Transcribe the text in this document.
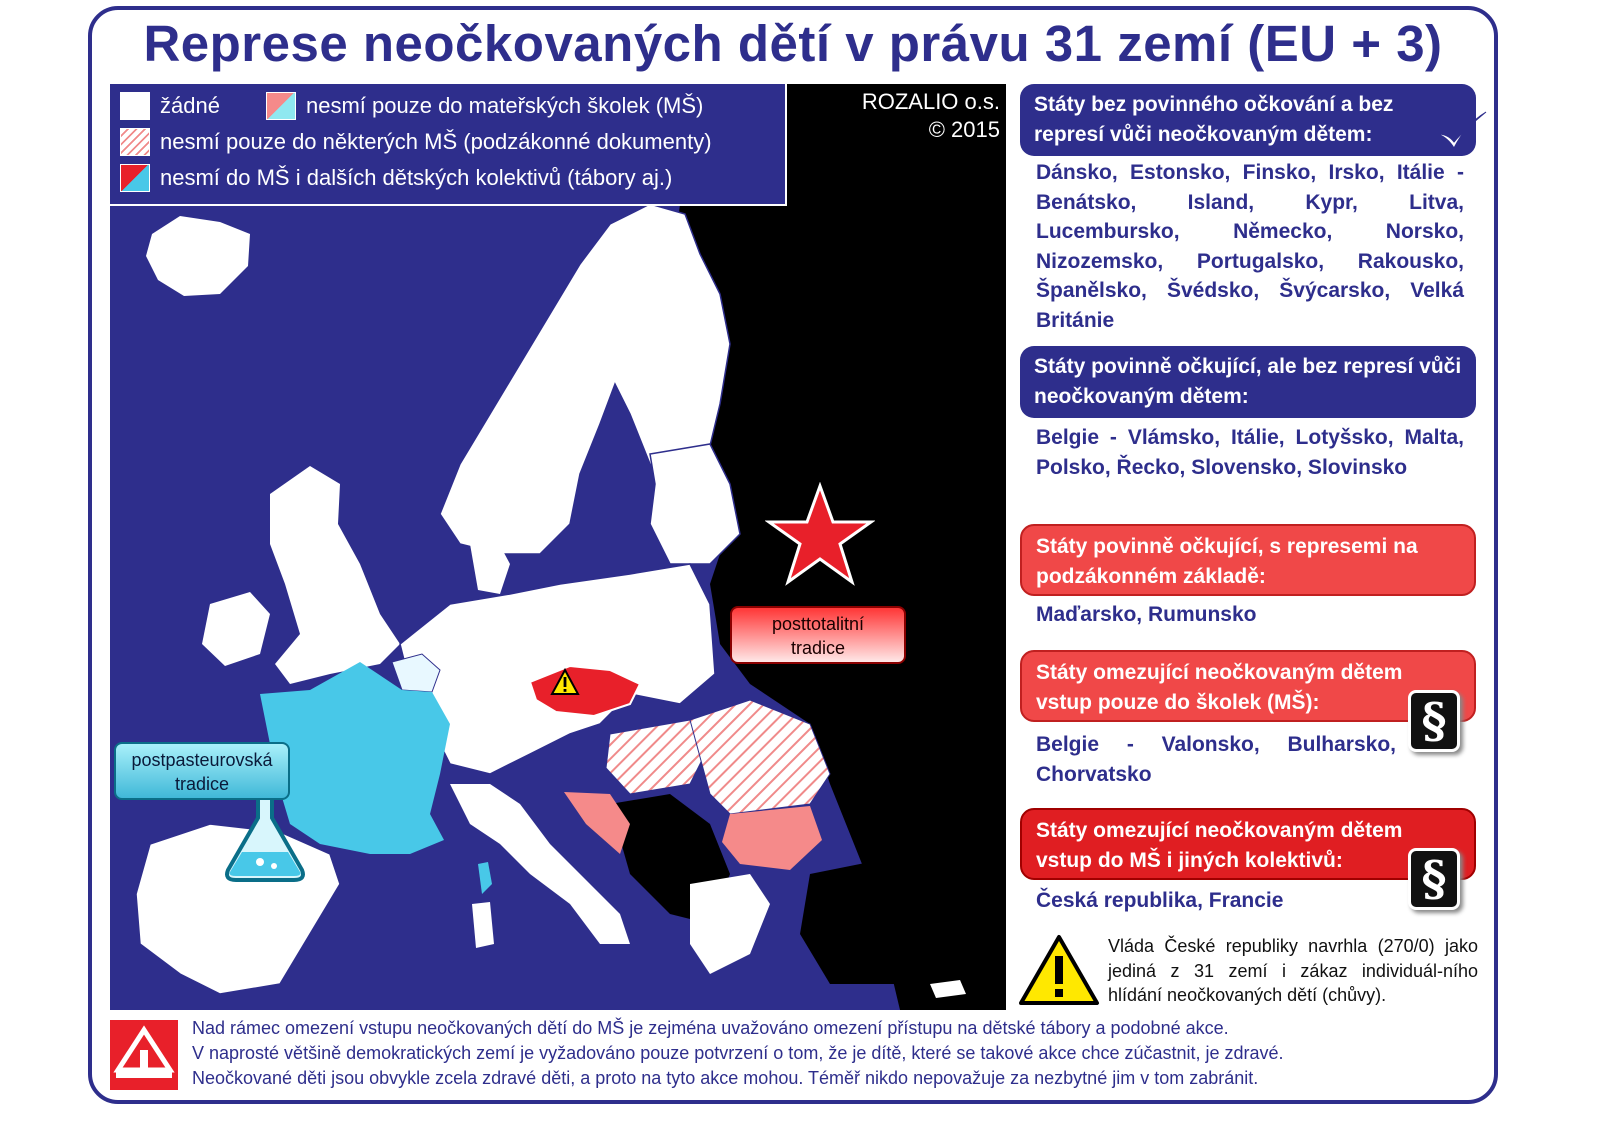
Represe neočkovaných dětí v právu 31 zemí (EU + 3)
žádné	nesmí pouze do mateřských školek (MŠ)
nesmí pouze do některých MŠ (podzákonné dokumenty)
nesmí do MŠ i dalších dětských kolektivů (tábory aj.)
ROZALIO o.s.
© 2015
postpasteurovská
tradice
posttotalitní
tradice
Státy bez povinného očkování a bez represí vůči neočkovaným dětem:
Dánsko, Estonsko, Finsko, Irsko, Itálie - Benátsko, Island, Kypr, Litva, Lucembursko, Německo, Norsko, Nizozemsko, Portugalsko, Rakousko, Španělsko, Švédsko, Švýcarsko, Velká Británie
Státy povinně očkující, ale bez represí vůči neočkovaným dětem:
Belgie - Vlámsko, Itálie, Lotyšsko, Malta, Polsko, Řecko, Slovensko, Slovinsko
Státy povinně očkující, s represemi na podzákonném základě:
Maďarsko, Rumunsko
Státy omezující neočkovaným dětem vstup pouze do školek (MŠ):	§
Belgie - Valonsko, Bulharsko, Chorvatsko
Státy omezující neočkovaným dětem vstup do MŠ i jiných kolektivů:	§
Česká republika, Francie
Vláda České republiky navrhla (270/0) jako jediná z 31 zemí i zákaz individuál-ního hlídání neočkovaných dětí (chůvy).
Nad rámec omezení vstupu neočkovaných dětí do MŠ je zejména uvažováno omezení přístupu na dětské tábory a podobné akce.
V naprosté většině demokratických zemí je vyžadováno pouze potvrzení o tom, že je dítě, které se takové akce chce zúčastnit, je zdravé.
Neočkované děti jsou obvykle zcela zdravé děti, a proto na tyto akce mohou. Téměř nikdo nepovažuje za nezbytné jim v tom zabránit.
